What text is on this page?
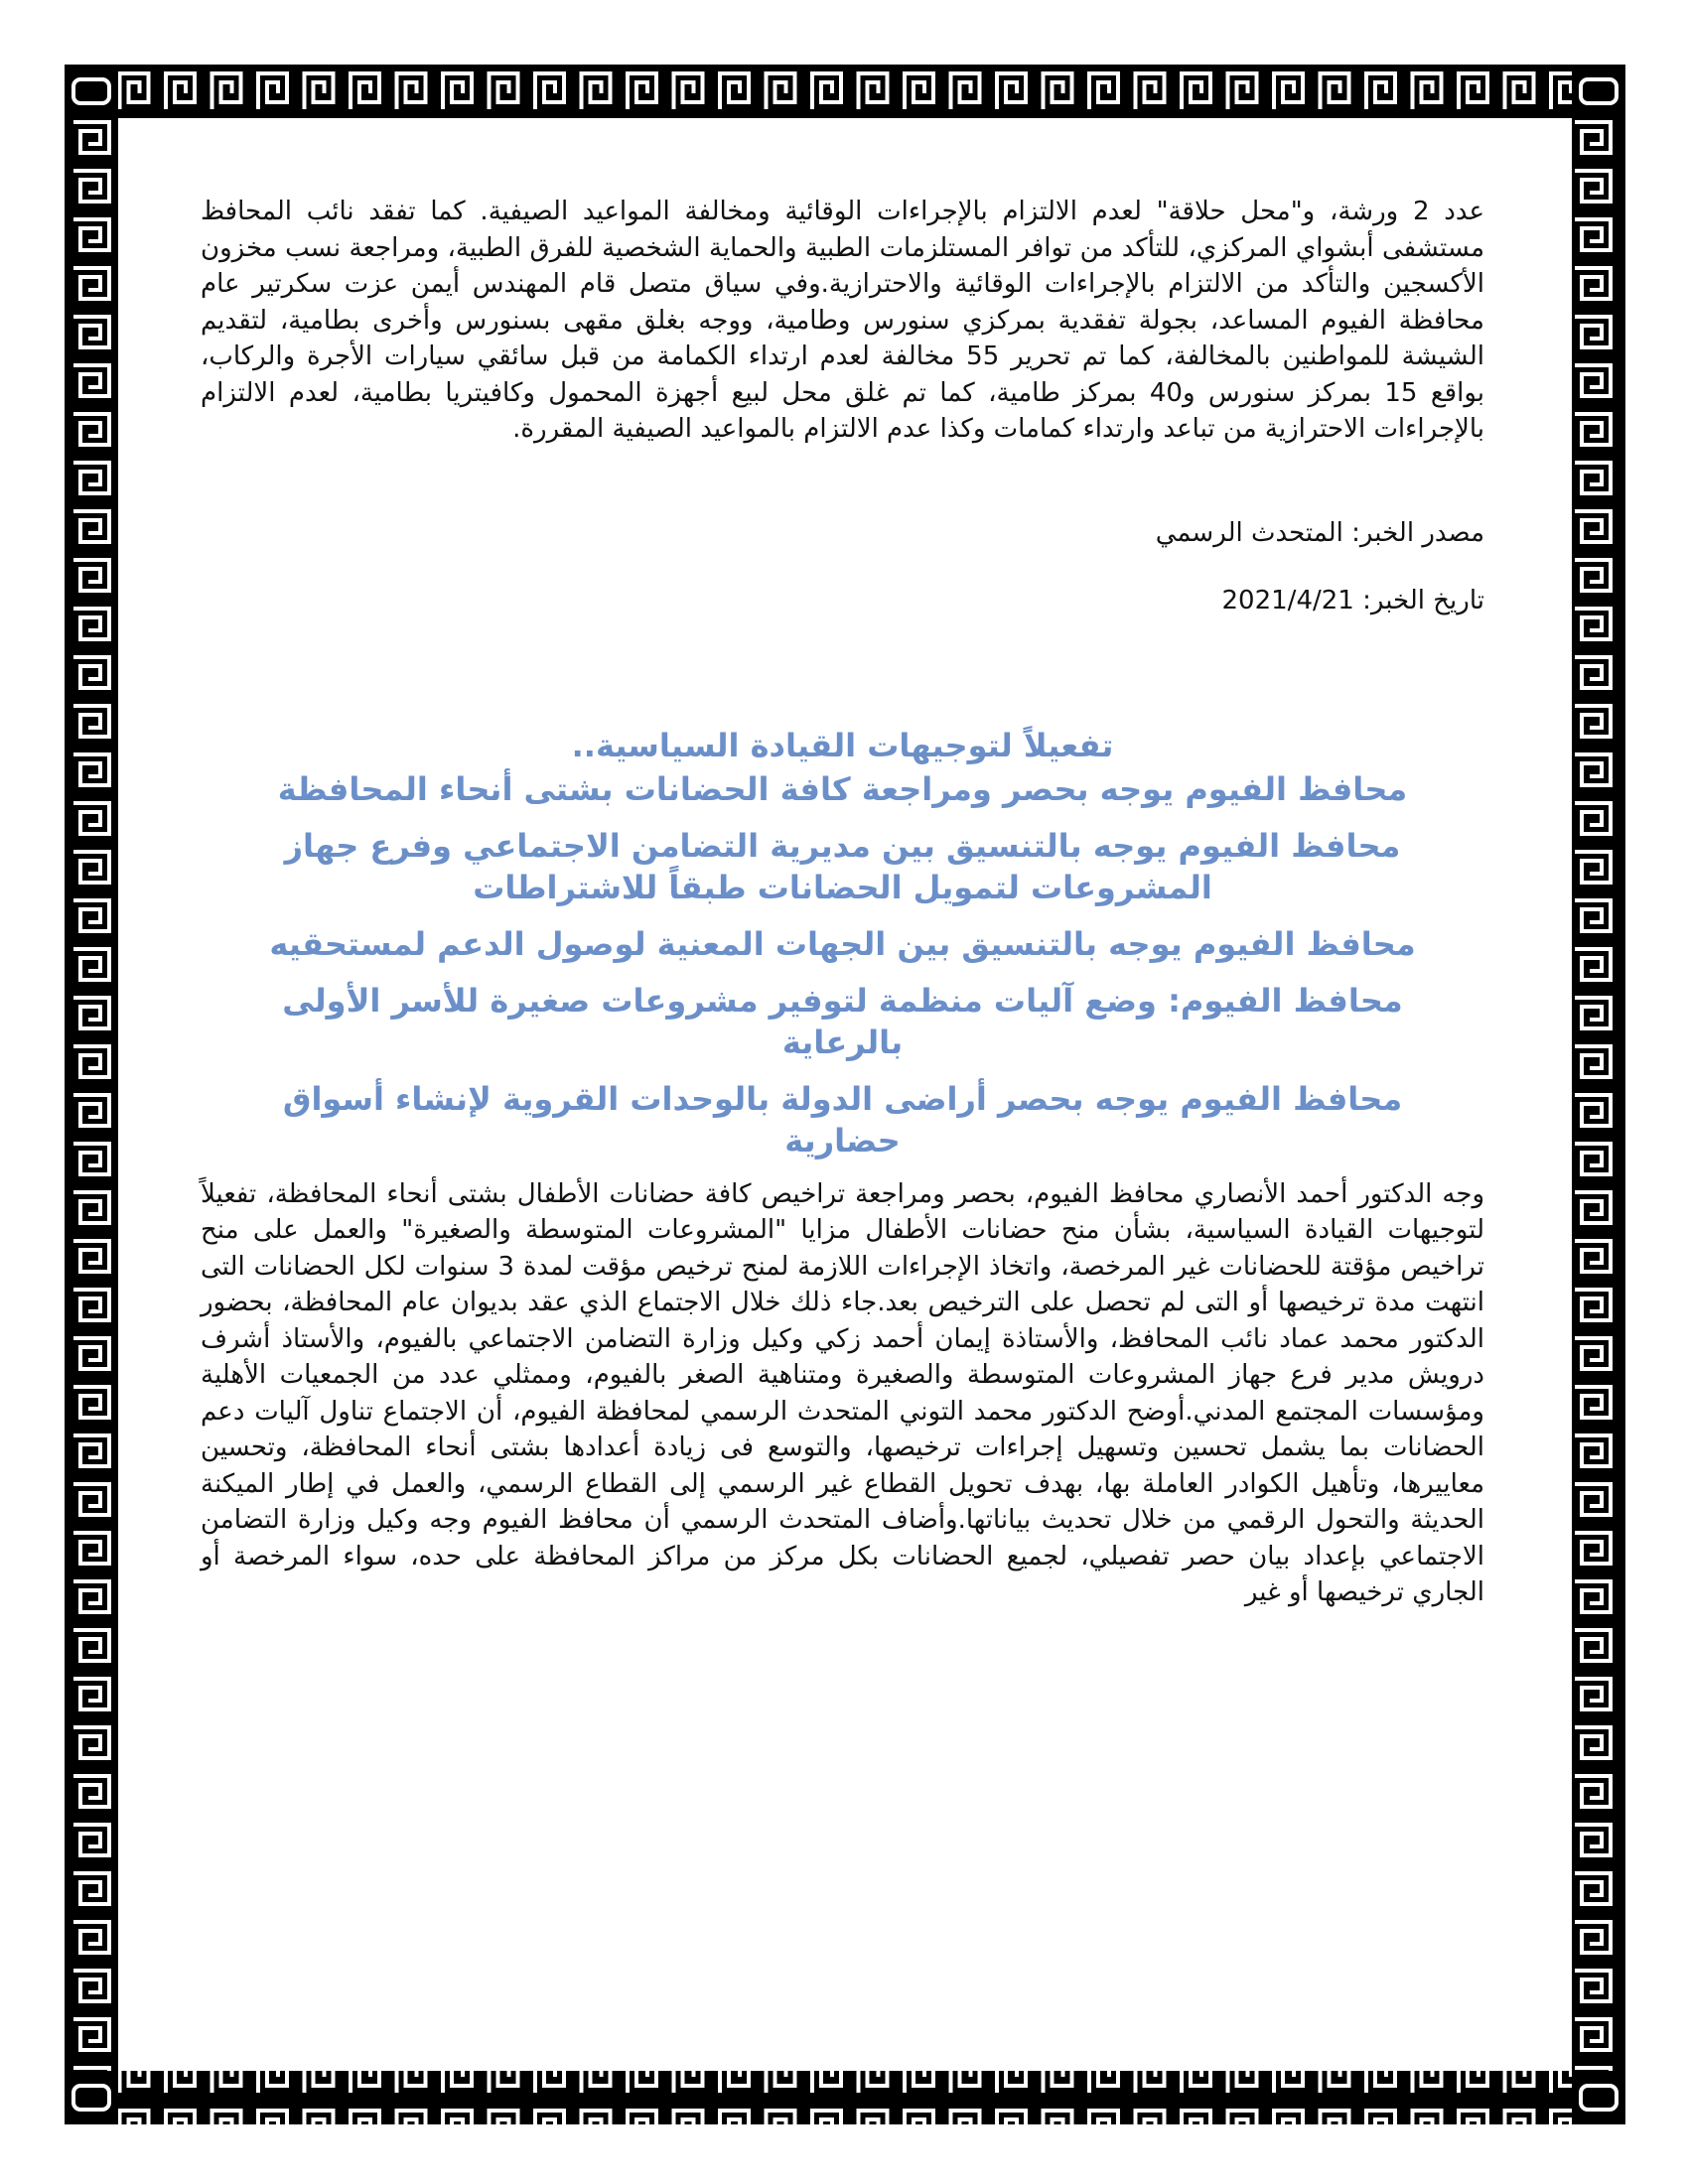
عدد 2 ورشة، و"محل حلاقة" لعدم الالتزام بالإجراءات الوقائية ومخالفة المواعيد الصيفية. كما تفقد نائب المحافظ مستشفى أبشواي المركزي، للتأكد من توافر المستلزمات الطبية والحماية الشخصية للفرق الطبية، ومراجعة نسب مخزون الأكسجين والتأكد من الالتزام بالإجراءات الوقائية والاحترازية.وفي سياق متصل قام المهندس أيمن عزت سكرتير عام محافظة الفيوم المساعد، بجولة تفقدية بمركزي سنورس وطامية، ووجه بغلق مقهى بسنورس وأخرى بطامية، لتقديم الشيشة للمواطنين بالمخالفة، كما تم تحرير 55 مخالفة لعدم ارتداء الكمامة من قبل سائقي سيارات الأجرة والركاب، بواقع 15 بمركز سنورس و40 بمركز طامية، كما تم غلق محل لبيع أجهزة المحمول وكافيتريا بطامية، لعدم الالتزام بالإجراءات الاحترازية من تباعد وارتداء كمامات وكذا عدم الالتزام بالمواعيد الصيفية المقررة.

مصدر الخبر: المتحدث الرسمي

تاريخ الخبر: 2021/4/21

تفعيلاً لتوجيهات القيادة السياسية..
محافظ الفيوم يوجه بحصر ومراجعة كافة الحضانات بشتى أنحاء المحافظة
محافظ الفيوم يوجه بالتنسيق بين مديرية التضامن الاجتماعي وفرع جهاز المشروعات لتمويل الحضانات طبقاً للاشتراطات
محافظ الفيوم يوجه بالتنسيق بين الجهات المعنية لوصول الدعم لمستحقيه
محافظ الفيوم: وضع آليات منظمة لتوفير مشروعات صغيرة للأسر الأولى بالرعاية
محافظ الفيوم يوجه بحصر أراضى الدولة بالوحدات القروية لإنشاء أسواق حضارية

وجه الدكتور أحمد الأنصاري محافظ الفيوم، بحصر ومراجعة تراخيص كافة حضانات الأطفال بشتى أنحاء المحافظة، تفعيلاً لتوجيهات القيادة السياسية، بشأن منح حضانات الأطفال مزايا "المشروعات المتوسطة والصغيرة" والعمل على منح تراخيص مؤقتة للحضانات غير المرخصة، واتخاذ الإجراءات اللازمة لمنح ترخيص مؤقت لمدة 3 سنوات لكل الحضانات التى انتهت مدة ترخيصها أو التى لم تحصل على الترخيص بعد.جاء ذلك خلال الاجتماع الذي عقد بديوان عام المحافظة، بحضور الدكتور محمد عماد نائب المحافظ، والأستاذة إيمان أحمد زكي وكيل وزارة التضامن الاجتماعي بالفيوم، والأستاذ أشرف درويش مدير فرع جهاز المشروعات المتوسطة والصغيرة ومتناهية الصغر بالفيوم، وممثلي عدد من الجمعيات الأهلية ومؤسسات المجتمع المدني.أوضح الدكتور محمد التوني المتحدث الرسمي لمحافظة الفيوم، أن الاجتماع تناول آليات دعم الحضانات بما يشمل تحسين وتسهيل إجراءات ترخيصها، والتوسع فى زيادة أعدادها بشتى أنحاء المحافظة، وتحسين معاييرها، وتأهيل الكوادر العاملة بها، بهدف تحويل القطاع غير الرسمي إلى القطاع الرسمي، والعمل في إطار الميكنة الحديثة والتحول الرقمي من خلال تحديث بياناتها.وأضاف المتحدث الرسمي أن محافظ الفيوم وجه وكيل وزارة التضامن الاجتماعي بإعداد بيان حصر تفصيلي، لجميع الحضانات بكل مركز من مراكز المحافظة على حده، سواء المرخصة أو الجاري ترخيصها أو غير
